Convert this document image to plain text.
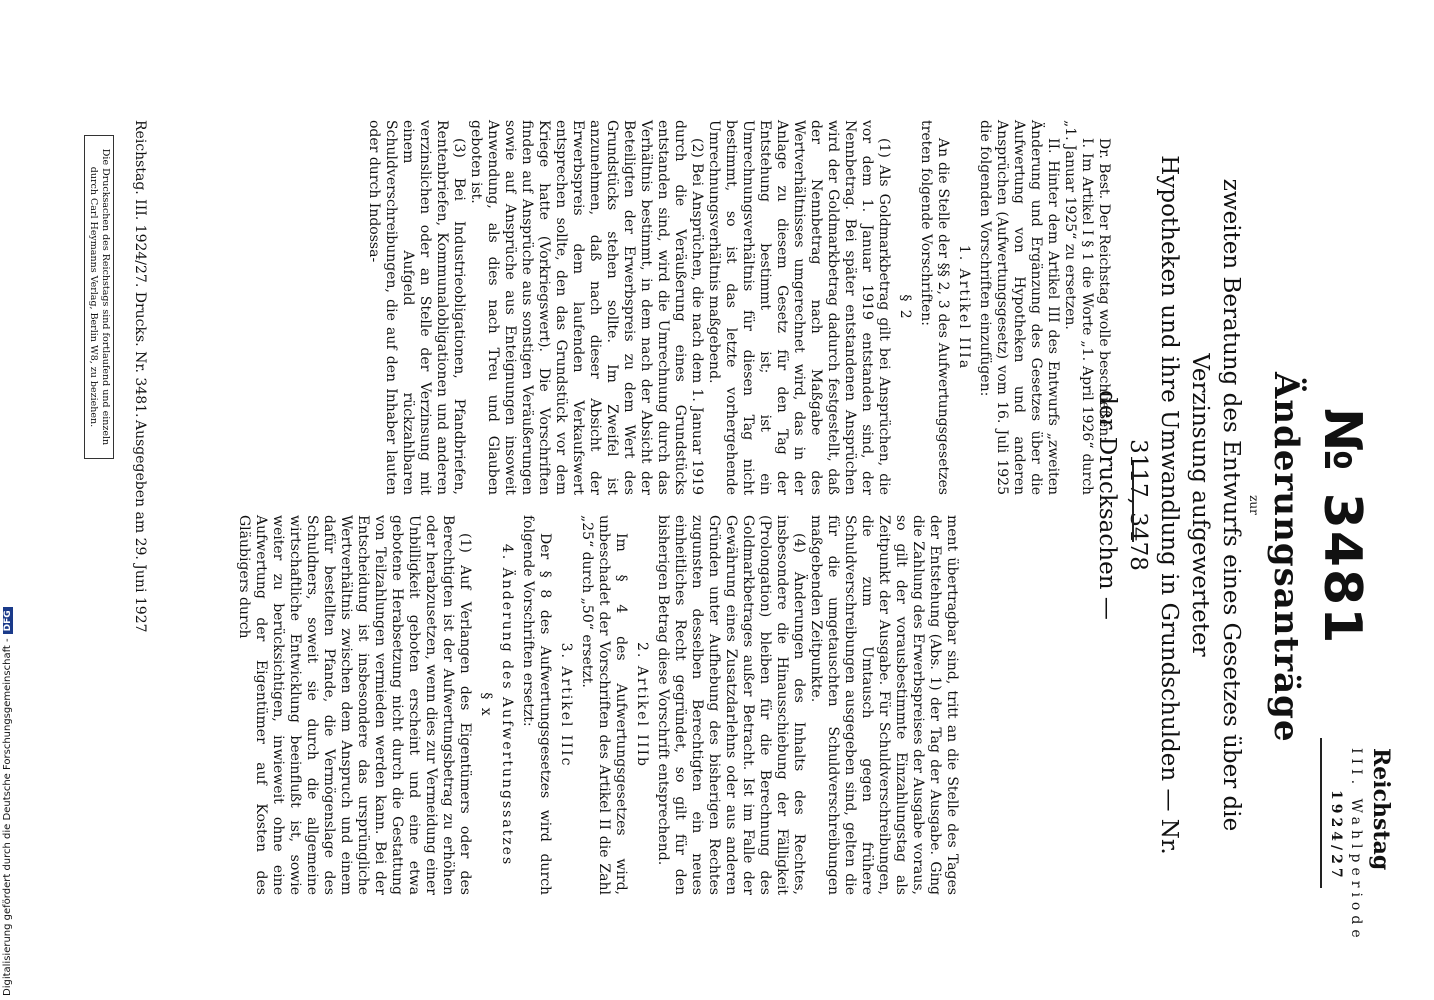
Reichstag
III. Wahlperiode
1924/27
№ 3481
Änderungsanträge
zur
zweiten Beratung des Entwurfs eines Gesetzes über die Verzinsung aufgewerteter
Hypotheken und ihre Umwandlung in Grundschulden — Nr. 3117, 3478
der Drucksachen —

Dr. Best. Der Reichstag wolle beschließen:

I. Im Artikel I § 1 die Worte „1. April 1926“ durch „1. Januar 1925“ zu ersetzen.

II. Hinter dem Artikel III des Entwurfs „zweiten Änderung und Ergänzung des Gesetzes über die Aufwertung von Hypotheken und anderen Ansprüchen (Aufwertungsgesetz) vom 16. Juli 1925 die folgenden Vorschriften einzufügen:

1. Artikel IIIa

An die Stelle der §§ 2, 3 des Aufwertungsgesetzes treten folgende Vorschriften:

§ 2

(1) Als Goldmarkbetrag gilt bei Ansprüchen, die vor dem 1. Januar 1919 entstanden sind, der Nennbetrag. Bei später entstandenen Ansprüchen wird der Goldmarkbetrag dadurch festgestellt, daß der Nennbetrag nach Maßgabe des Wertverhältnisses umgerechnet wird, das in der Anlage zu diesem Gesetz für den Tag der Entstehung bestimmt ist; ist ein Umrechnungsverhältnis für diesen Tag nicht bestimmt, so ist das letzte vorhergehende Umrechnungsverhältnis maßgebend.

(2) Bei Ansprüchen, die nach dem 1. Januar 1919 durch die Veräußerung eines Grundstücks entstanden sind, wird die Umrechnung durch das Verhältnis bestimmt, in dem nach der Absicht der Beteiligten der Erwerbspreis zu dem Wert des Grundstücks stehen sollte. Im Zweifel ist anzunehmen, daß nach dieser Absicht der Erwerbspreis dem laufenden Verkaufswert entsprechen sollte, den das Grundstück vor dem Kriege hatte (Vorkriegswert). Die Vorschriften finden auf Ansprüche aus sonstigen Veräußerungen sowie auf Ansprüche aus Enteignungen insoweit Anwendung, als dies nach Treu und Glauben geboten ist.

(3) Bei Industrieobligationen, Pfandbriefen, Rentenbriefen, Kommunalobligationen und anderen verzinslichen oder an Stelle der Verzinsung mit einem Aufgeld rückzahlbaren Schuldverschreibungen, die auf den Inhaber lauten oder durch Indossa-

ment übertragbar sind, tritt an die Stelle des Tages der Entstehung (Abs. 1) der Tag der Ausgabe. Ging die Zahlung des Erwerbspreises der Ausgabe voraus, so gilt der vorausbestimmte Einzahlungstag als Zeitpunkt der Ausgabe. Für Schuldverschreibungen, die zum Umtausch gegen frühere Schuldverschreibungen ausgegeben sind, gelten die für die umgetauschten Schuldverschreibungen maßgebenden Zeitpunkte.

(4) Änderungen des Inhalts des Rechtes, insbesondere die Hinausschiebung der Fälligkeit (Prolongation) bleiben für die Berechnung des Goldmarkbetrages außer Betracht. Ist im Falle der Gewährung eines Zusatzdarlehns oder aus anderen Gründen unter Aufhebung des bisherigen Rechtes zugunsten desselben Berechtigten ein neues einheitliches Recht gegründet, so gilt für den bisherigen Betrag diese Vorschrift entsprechend.

2. Artikel IIIb

Im § 4 des Aufwertungsgesetzes wird, unbeschadet der Vorschriften des Artikel II die Zahl „25“ durch „50“ ersetzt.

3. Artikel IIIc

Der § 8 des Aufwertungsgesetzes wird durch folgende Vorschriften ersetzt:

4. Änderung des Aufwertungssatzes

§ x

(1) Auf Verlangen des Eigentümers oder des Berechtigten ist der Aufwertungsbetrag zu erhöhen oder herabzusetzen, wenn dies zur Vermeidung einer Unbilligkeit geboten erscheint und eine etwa gebotene Herabsetzung nicht durch die Gestattung von Teilzahlungen vermieden werden kann. Bei der Entscheidung ist insbesondere das ursprüngliche Wertverhältnis zwischen dem Anspruch und einem dafür bestellten Pfande, die Vermögenslage des Schuldners, soweit sie durch die allgemeine wirtschaftliche Entwicklung beeinflußt ist, sowie weiter zu berücksichtigen, inwieweit ohne eine Aufwertung der Eigentümer auf Kosten des Gläubigers durch

Reichstag. III. 1924/27. Drucks. Nr. 3481.
Ausgegeben am 29. Juni 1927
Die Drucksachen des Reichstags sind fortlaufend und einzeln
durch Carl Heymanns Verlag, Berlin W8, zu beziehen.
Digitalisierung gefördert durch die Deutsche Forschungsgemeinschaft -DFG
